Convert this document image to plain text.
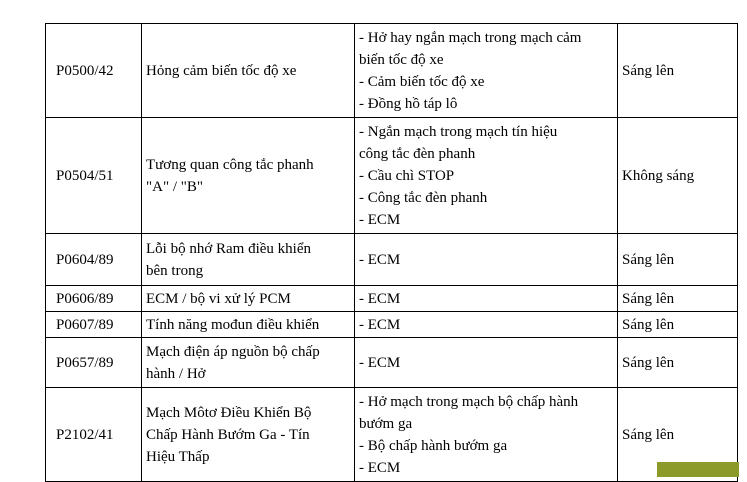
P0500/42	Hỏng cảm biến tốc độ xe	- Hở hay ngắn mạch trong mạch cảm
biến tốc độ xe
- Cảm biến tốc độ xe
- Đồng hồ táp lô	Sáng lên
P0504/51	Tương quan công tắc phanh
"A" / "B"	- Ngắn mạch trong mạch tín hiệu
công tắc đèn phanh
- Cầu chì STOP
- Công tắc đèn phanh
- ECM	Không sáng
P0604/89	Lỗi bộ nhớ Ram điều khiển
bên trong	- ECM	Sáng lên
P0606/89	ECM / bộ vi xử lý PCM	- ECM	Sáng lên
P0607/89	Tính năng mođun điều khiển	- ECM	Sáng lên
P0657/89	Mạch điện áp nguồn bộ chấp
hành / Hở	- ECM	Sáng lên
P2102/41	Mạch Môtơ Điều Khiển Bộ
Chấp Hành Bướm Ga - Tín
Hiệu Thấp	- Hở mạch trong mạch bộ chấp hành
bướm ga
- Bộ chấp hành bướm ga
- ECM	Sáng lên
